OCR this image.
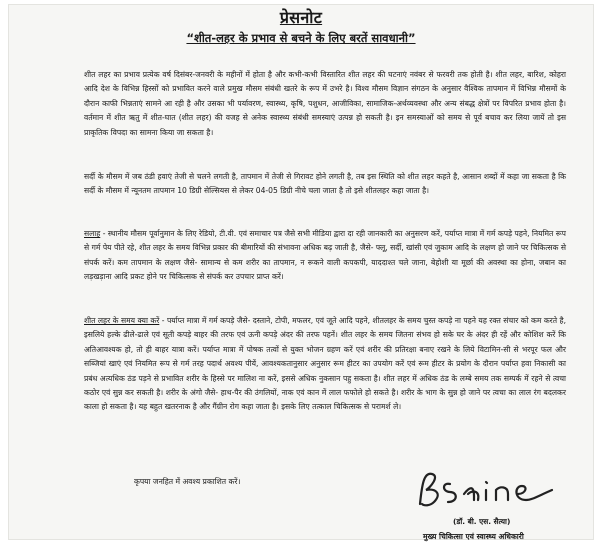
प्रेसनोट
“शीत-लहर के प्रभाव से बचने के लिए बरतें सावधानी”

शीत लहर का प्रभाव प्रत्येक वर्ष दिसंबर-जनवरी के महीनों में होता है और कभी-कभी विस्तारित शीत लहर की घटनाएं नवंबर से फरवरी तक होती है। शीत लहर, बारिश, कोहरा आदि देश के विभिन्न हिस्सों को प्रभावित करने वाले प्रमुख मौसम संबंधी खतरे के रूप में उभरे है। विश्व मौसम विज्ञान संगठन के अनुसार वैश्विक तापमान में विभिन्न मौसमों के दौरान काफी भिन्नताएं सामने आ रही है और उसका भी पर्यावरण, स्वास्थ्य, कृषि, पशुधन, आजीविका, सामाजिक-अर्थव्यवस्था और अन्य संबद्ध क्षेत्रों पर विपरित प्रभाव होता है। वर्तमान में शीत ऋतु में शीत-घात (शीत लहर) की वजह से अनेक स्वास्थ्य संबंधी समस्याएं उत्पन्न हो सकती है। इन समस्याओं को समय से पूर्व बचाव कर लिया जायें तो इस प्राकृतिक विपदा का सामना किया जा सकता है।

सर्दी के मौसम में जब ठंडी हवाएं तेजी से चलने लगती है, तापमान में तेजी से गिरावट होने लगती है, तब इस स्थिति को शीत लहर कहते है, आसान शब्दों में कहा जा सकता है कि सर्दी के मौसम में न्यूनतम तापमान 10 डिग्री सेल्सियस से लेकर 04-05 डिग्री नीचे चला जाता है तो इसे शीतलहर कहा जाता है।

सलाह - स्थानीय मौसम पूर्वानुमान के लिए रेडियो, टी.वी. एवं समाचार पत्र जैसे सभी मीडिया द्वारा दा रही जानकारी का अनुसरण करें, पर्याप्त मात्रा में गर्म कपड़े पहने, नियमित रूप से गर्म पेय पीते रहे, शीत लहर के समय विभिन्न प्रकार की बीमारियों की संभावना अधिक बढ़ जाती है, जैसे- फ्लू, सर्दी, खांसी एवं जुकाम आदि के लक्षण हो जाने पर चिकित्सक से संपर्क करें। कम तापमान के लक्षण जैसे- सामान्य से कम शरीर का तापमान, न रूकने वाली कपकपी, याददाश्त चले जाना, बेहोशी या मूर्छा की अवस्था का होना, जबान का लड़खड़ाना आदि प्रकट होने पर चिकित्सक से संपर्क कर उपचार प्राप्त करें।

शीत लहर के समय क्या करें - पर्याप्त मात्रा में गर्म कपड़े जैसे- दस्ताने, टोपी, मफलर, एवं जूते आदि पहने, शीतलहर के समय चुस्त कपड़े ना पहने यह रक्त संचार को कम करते है, इसलिये हल्के ढीले-ढाले एवं सूती कपड़े बाहर की तरफ एवं ऊनी कपड़े अंदर की तरफ पहनें। शीत लहर के समय जितना संभव हो सके घर के अंदर ही रहें और कोशिश करें कि अतिआवश्यक हो, तो ही बाहर यात्रा करें। पर्याप्त मात्रा में पोषक तत्वों से युक्त भोजन ग्रहण करें एवं शरीर की प्रतिरक्षा बनाए रखने के लिये विटामिन-सी से भरपूर फल और सब्जियां खाएं एवं नियमित रूप से गर्म तरह पदार्थ अवश्य पीयें, आवश्यकतानुसार अनुसार रूम हीटर का उपयोग करें एवं रूम हीटर के प्रयोग के दौरान पर्याप्त हवा निकासी का प्रबंध अत्यधिक ठंड पड़ने से प्रभावित शरीर के हिस्से पर मालिश ना करें, इससे अधिक नुकसान पहु सकता है। शीत लहर में अधिक ठंड के लम्बे समय तक सम्पर्क में रहने से त्वचा कठोर एवं सुन्न कर सकती है। शरीर के अंगो जैसे- हाथ-पैर की उंगलियों, नाक एवं कान में लाल फफोले हो सकते है। शरीर के भाग के सुन्न हो जाने पर त्वचा का लाल रंग बदलकर काला हो सकता है। यह बहुत खतरनाक है और गैंग्रीन रोग कहा जाता है। इसके लिए तत्काल चिकित्सक से परामर्श ले।

कृपया जनहित में अवश्य प्रकाशित करें।
(डॉ. बी. एस. सैत्या)
मुख्य चिकित्सा एवं स्वास्थ्य अधिकारी
